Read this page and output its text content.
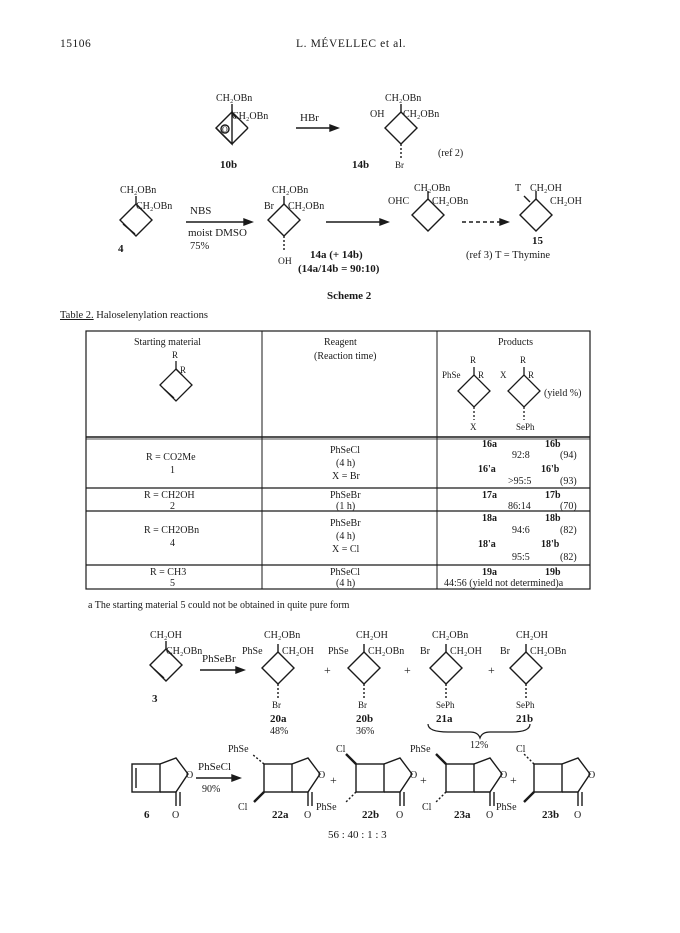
15106	L. MÉVELLEC et al.
CH₂OBn
CH₂OBn
O
10b
HBr
CH₂OBn
CH₂OBn
OH
Br
14b
(ref 2)
CH₂OBn
CH₂OBn
4
NBS
moist DMSO
75%
Br
CH₂OBn
CH₂OBn
OH
14a (+ 14b)
(14a/14b = 90:10)
OHC
CH₂OBn
CH₂OBn
T CH₂OH
CH₂OH
15
(ref 3) T = Thymine
Scheme 2
Table 2. Haloselenylation reactions
Starting material	Reagent
(Reaction time)
Products
R
R
R	R
PhSe R X R
X	SePh
(yield %)
R = CO2Me
1
PhSeCl
(4 h)
X = Br
16a	16b
92:8	(94)
16'a	16'b
>95:5	(93)
R = CH2OH
2
PhSeBr
(1 h)
17a	17b
86:14	(70)
R = CH2OBn
4
PhSeBr
(4 h)
X = Cl
18a	18b
94:6	(82)
18'a	18'b
95:5	(82)
R = CH3
5
PhSeCl
(4 h)
19a	19b
44:56 (yield not determined)a
a The starting material 5 could not be obtained in quite pure form
CH₂OH
CH₂OBn
3
PhSeBr
CH₂OBn
CH₂OH
PhSe
Br
20a
48%
+
CH₂OH
CH₂OBn
PhSe
Br
20b
36%
+
CH₂OBn
CH₂OH
Br
SePh
21a
+
CH₂OH
CH₂OBn
Br
SePh
21b
12%
O
O
6
PhSeCl
90%
PhSe
Cl
O
O
22a
+
Cl
PhSe
O
O
22b
+
PhSe
Cl
O
O
23a
+
Cl
PhSe
O
O
23b
56 : 40 : 1 : 3
